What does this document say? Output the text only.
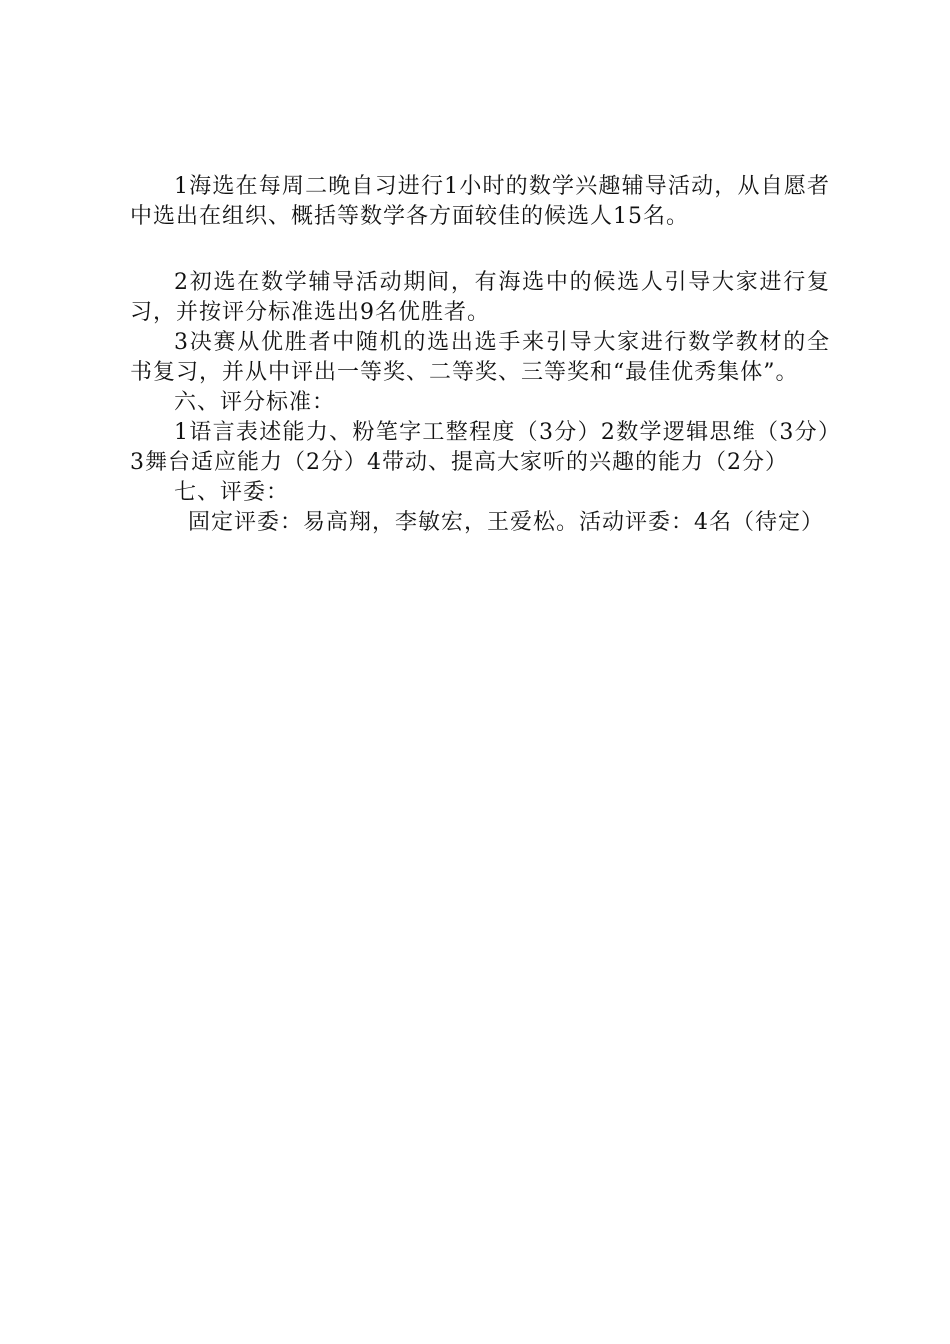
1海选在每周二晚自习进行1小时的数学兴趣辅导活动，从自愿者中选出在组织、概括等数学各方面较佳的候选人15名。

2初选在数学辅导活动期间，有海选中的候选人引导大家进行复习，并按评分标准选出9名优胜者。

3决赛从优胜者中随机的选出选手来引导大家进行数学教材的全书复习，并从中评出一等奖、二等奖、三等奖和“最佳优秀集体”。

六、评分标准：

1语言表述能力、粉笔字工整程度（3分）2数学逻辑思维（3分）3舞台适应能力（2分）4带动、提高大家听的兴趣的能力（2分）

七、评委：

固定评委：易高翔，李敏宏，王爱松。活动评委：4名（待定）
